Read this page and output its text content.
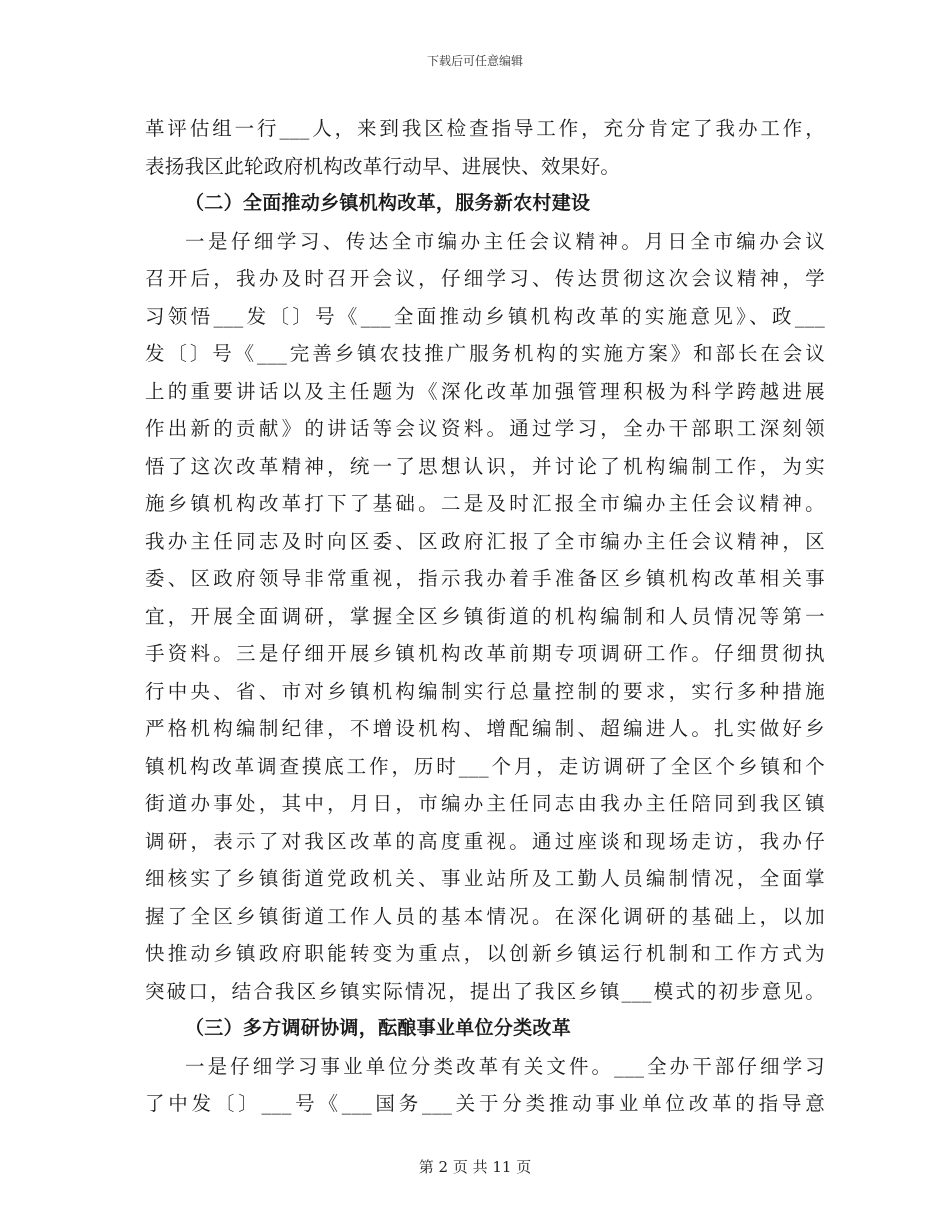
下载后可任意编辑
革评估组一行___人，来到我区检查指导工作，充分肯定了我办工作，
表扬我区此轮政府机构改革行动早、进展快、效果好。
（二）全面推动乡镇机构改革，服务新农村建设
一是仔细学习、传达全市编办主任会议精神。月日全市编办会议
召开后，我办及时召开会议，仔细学习、传达贯彻这次会议精神，学
习领悟___发〔〕号《___全面推动乡镇机构改革的实施意见》、政___
发〔〕号《___完善乡镇农技推广服务机构的实施方案》和部长在会议
上的重要讲话以及主任题为《深化改革加强管理积极为科学跨越进展
作出新的贡献》的讲话等会议资料。通过学习，全办干部职工深刻领
悟了这次改革精神，统一了思想认识，并讨论了机构编制工作，为实
施乡镇机构改革打下了基础。二是及时汇报全市编办主任会议精神。
我办主任同志及时向区委、区政府汇报了全市编办主任会议精神，区
委、区政府领导非常重视，指示我办着手准备区乡镇机构改革相关事
宜，开展全面调研，掌握全区乡镇街道的机构编制和人员情况等第一
手资料。三是仔细开展乡镇机构改革前期专项调研工作。仔细贯彻执
行中央、省、市对乡镇机构编制实行总量控制的要求，实行多种措施
严格机构编制纪律，不增设机构、增配编制、超编进人。扎实做好乡
镇机构改革调查摸底工作，历时___个月，走访调研了全区个乡镇和个
街道办事处，其中，月日，市编办主任同志由我办主任陪同到我区镇
调研，表示了对我区改革的高度重视。通过座谈和现场走访，我办仔
细核实了乡镇街道党政机关、事业站所及工勤人员编制情况，全面掌
握了全区乡镇街道工作人员的基本情况。在深化调研的基础上，以加
快推动乡镇政府职能转变为重点，以创新乡镇运行机制和工作方式为
突破口，结合我区乡镇实际情况，提出了我区乡镇___模式的初步意见。
（三）多方调研协调，酝酿事业单位分类改革
一是仔细学习事业单位分类改革有关文件。___全办干部仔细学习
了中发〔〕___号《___国务___关于分类推动事业单位改革的指导意
第 2 页 共 11 页
